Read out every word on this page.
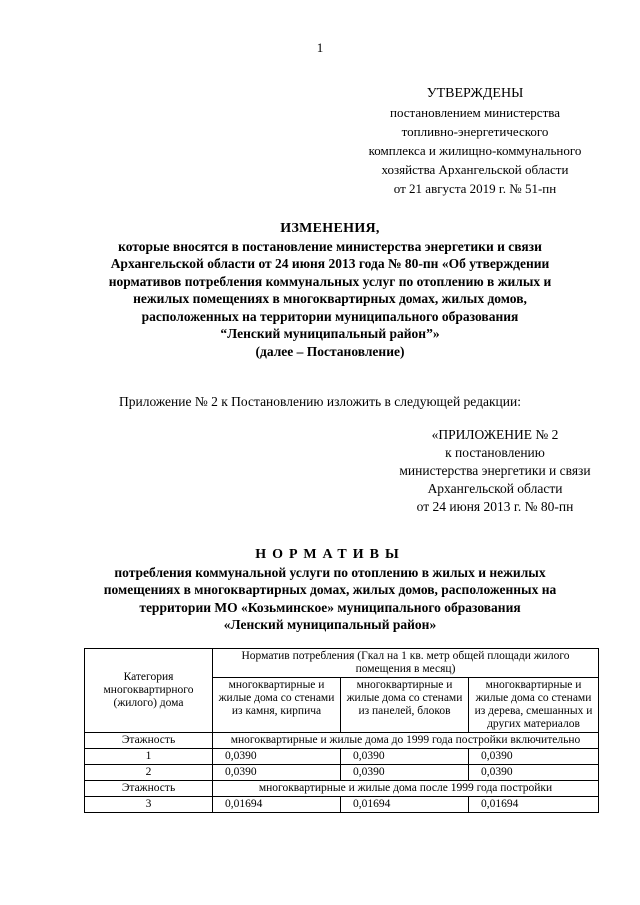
1
УТВЕРЖДЕНЫ
постановлением министерства
топливно-энергетического
комплекса и жилищно-коммунального
хозяйства Архангельской области
от 21 августа 2019 г. № 51-пн
ИЗМЕНЕНИЯ,
которые вносятся в постановление министерства энергетики и связи
Архангельской области от 24 июня 2013 года № 80-пн «Об утверждении
нормативов потребления коммунальных услуг по отоплению в жилых и
нежилых помещениях в многоквартирных домах, жилых домов,
расположенных на территории муниципального образования
“Ленский муниципальный район”»
(далее – Постановление)
Приложение № 2 к Постановлению изложить в следующей редакции:
«ПРИЛОЖЕНИЕ № 2
к постановлению
министерства энергетики и связи
Архангельской области
от 24 июня 2013 г. № 80-пн
НОРМАТИВЫ
потребления коммунальной услуги по отоплению в жилых и нежилых
помещениях в многоквартирных домах, жилых домов, расположенных на
территории МО «Козьминское» муниципального образования
«Ленский муниципальный район»
Категория многоквартирного (жилого) дома	Норматив потребления (Гкал на 1 кв. метр общей площади жилого помещения в месяц)		
	многоквартирные и жилые дома со стенами из камня, кирпича	многоквартирные и жилые дома со стенами из панелей, блоков	многоквартирные и жилые дома со стенами из дерева, смешанных и других материалов
Этажность	многоквартирные и жилые дома до 1999 года постройки включительно		
1	0,0390	0,0390	0,0390
2	0,0390	0,0390	0,0390
Этажность	многоквартирные и жилые дома после 1999 года постройки		
3	0,01694	0,01694	0,01694
